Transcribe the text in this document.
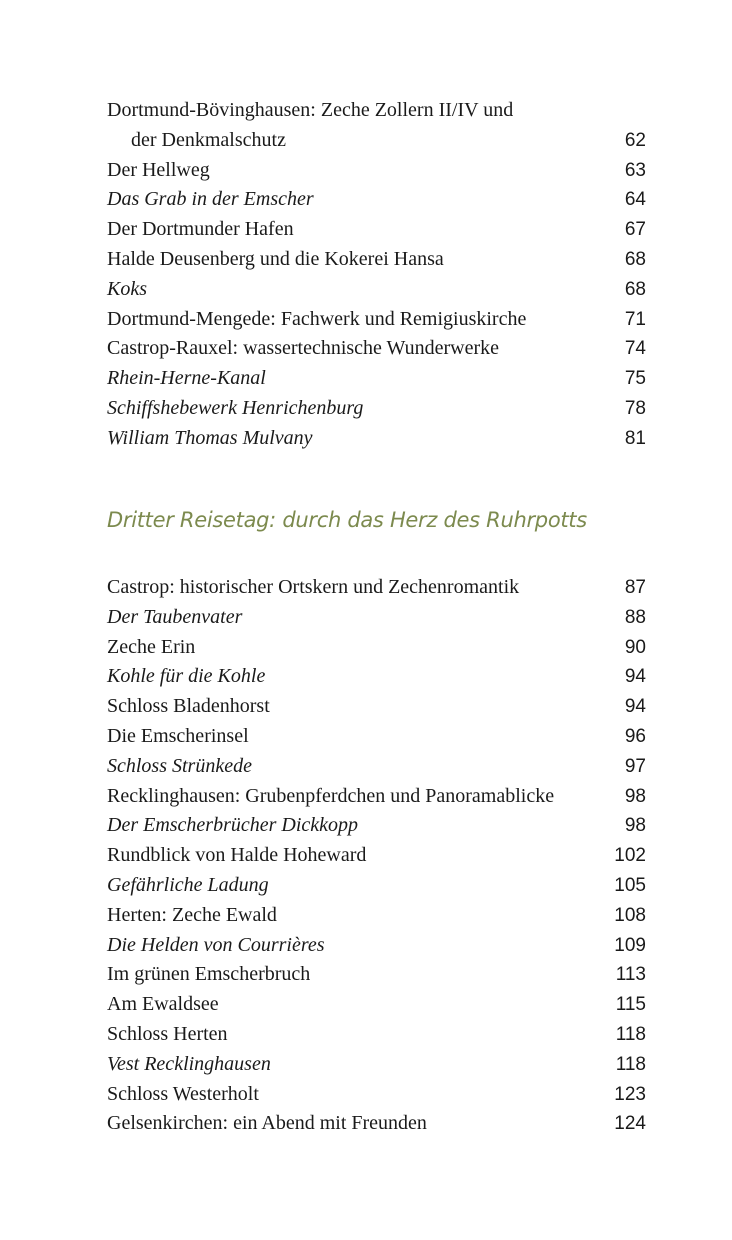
Dortmund-Bövinghausen: Zeche Zollern II/IV und
der Denkmalschutz	62
Der Hellweg	63
Das Grab in der Emscher	64
Der Dortmunder Hafen	67
Halde Deusenberg und die Kokerei Hansa	68
Koks	68
Dortmund-Mengede: Fachwerk und Remigiuskirche	71
Castrop-Rauxel: wassertechnische Wunderwerke	74
Rhein-Herne-Kanal	75
Schiffshebewerk Henrichenburg	78
William Thomas Mulvany	81
Dritter Reisetag: durch das Herz des Ruhrpotts
Castrop: historischer Ortskern und Zechenromantik	87
Der Taubenvater	88
Zeche Erin	90
Kohle für die Kohle	94
Schloss Bladenhorst	94
Die Emscherinsel	96
Schloss Strünkede	97
Recklinghausen: Grubenpferdchen und Panoramablicke	98
Der Emscherbrücher Dickkopp	98
Rundblick von Halde Hoheward	102
Gefährliche Ladung	105
Herten: Zeche Ewald	108
Die Helden von Courrières	109
Im grünen Emscherbruch	113
Am Ewaldsee	115
Schloss Herten	118
Vest Recklinghausen	118
Schloss Westerholt	123
Gelsenkirchen: ein Abend mit Freunden	124
